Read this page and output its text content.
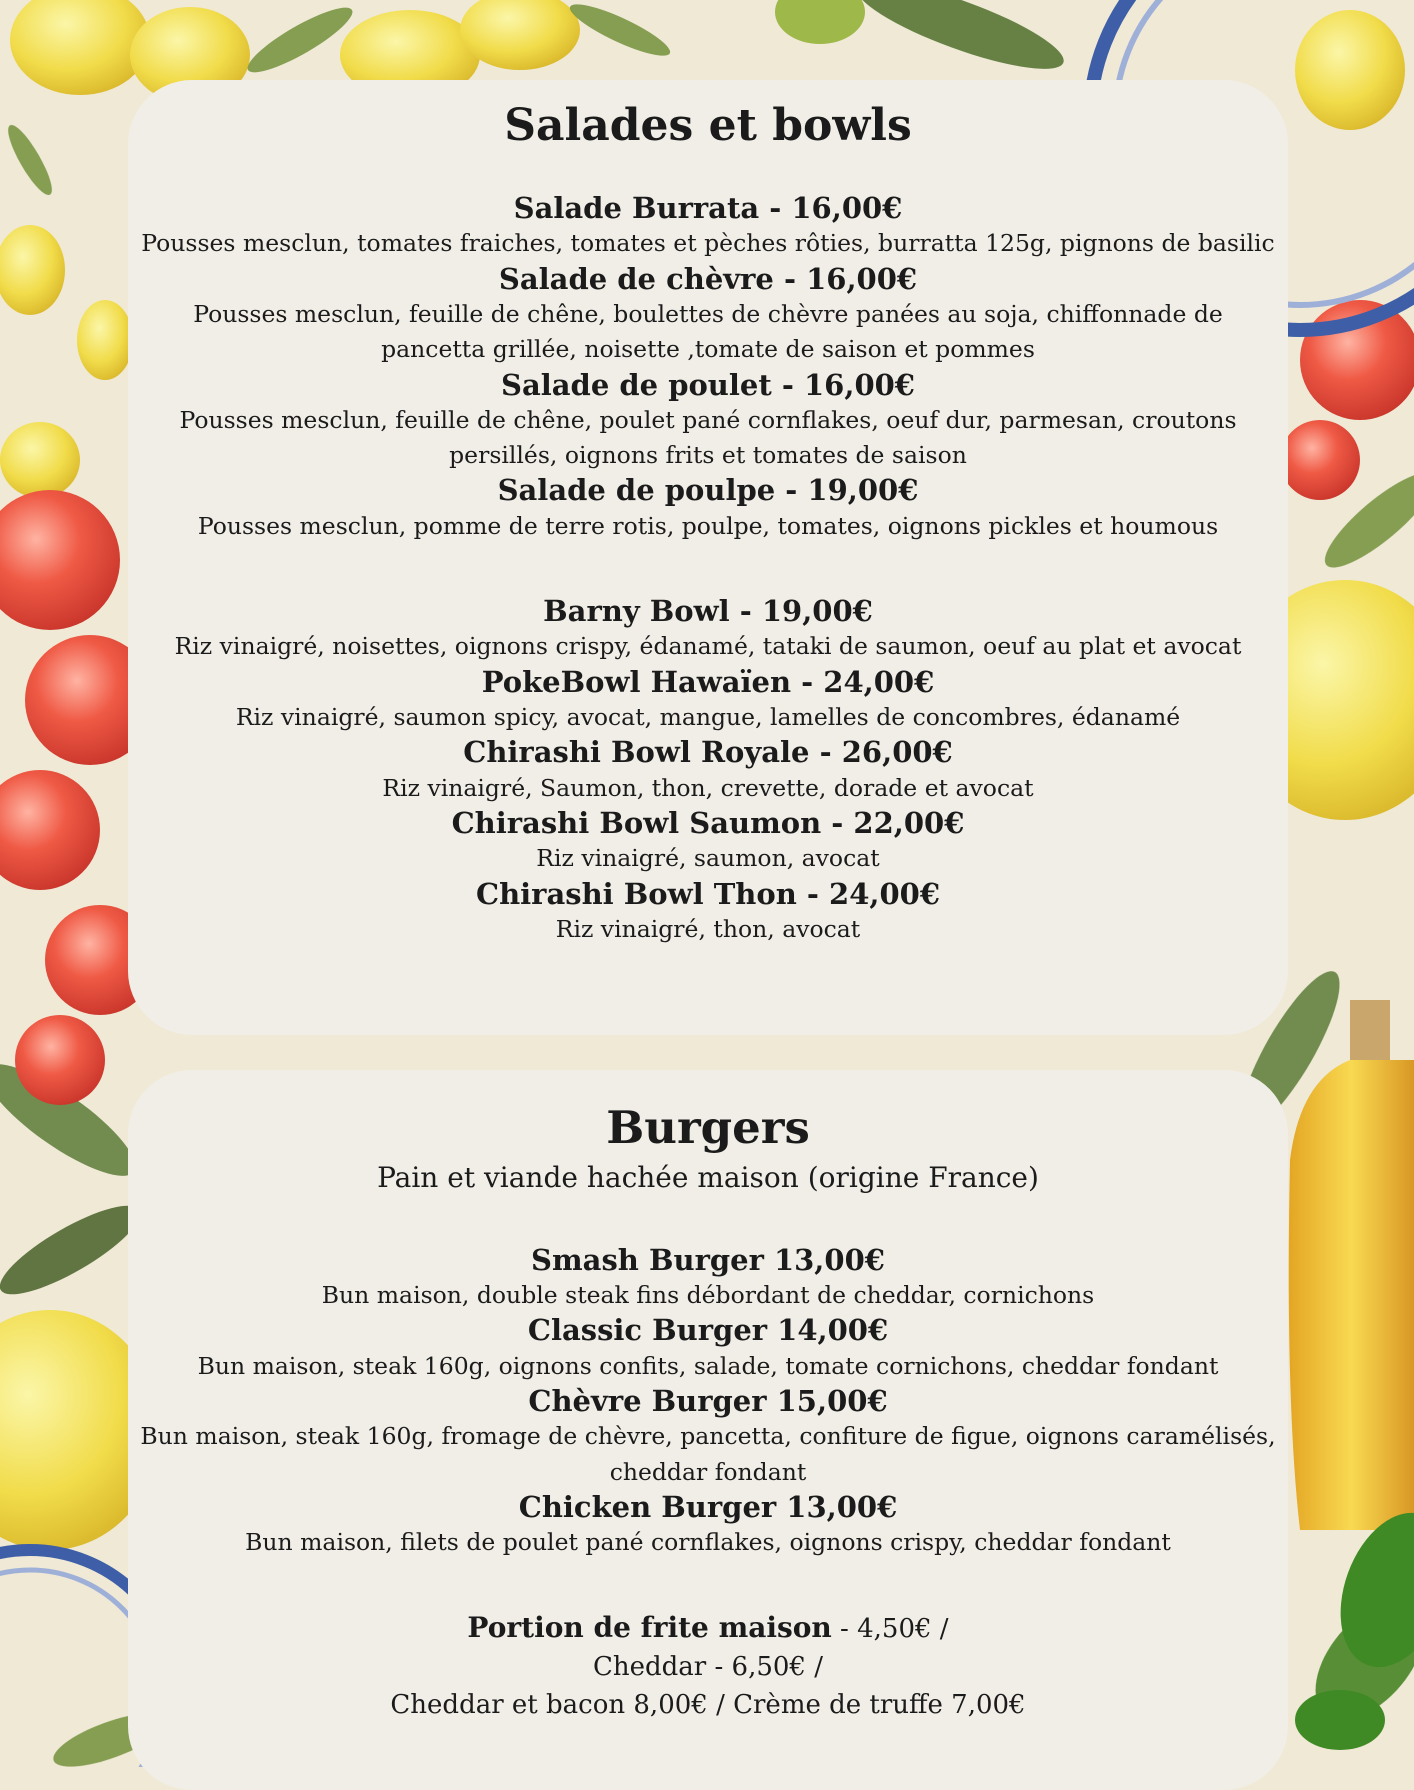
Salades et bowls
Salade Burrata - 16,00€
Pousses mesclun, tomates fraiches, tomates et pèches rôties, burratta 125g, pignons de basilic
Salade de chèvre - 16,00€
Pousses mesclun, feuille de chêne, boulettes de chèvre panées au soja, chiffonnade de pancetta grillée, noisette ,tomate de saison et pommes
Salade de poulet - 16,00€
Pousses mesclun, feuille de chêne, poulet pané cornflakes, oeuf dur, parmesan, croutons persillés, oignons frits et tomates de saison
Salade de poulpe - 19,00€
Pousses mesclun, pomme de terre rotis, poulpe, tomates, oignons pickles et houmous
Barny Bowl - 19,00€
Riz vinaigré, noisettes, oignons crispy, édanamé, tataki de saumon, oeuf au plat et avocat
PokeBowl Hawaïen - 24,00€
Riz vinaigré, saumon spicy, avocat, mangue, lamelles de concombres, édanamé
Chirashi Bowl Royale - 26,00€
Riz vinaigré, Saumon, thon, crevette, dorade et avocat
Chirashi Bowl Saumon - 22,00€
Riz vinaigré, saumon, avocat
Chirashi Bowl Thon - 24,00€
Riz vinaigré, thon, avocat
Burgers

Pain et viande hachée maison (origine France)

Smash Burger 13,00€
Bun maison, double steak fins débordant de cheddar, cornichons
Classic Burger 14,00€
Bun maison, steak 160g, oignons confits, salade, tomate cornichons, cheddar fondant
Chèvre Burger 15,00€
Bun maison, steak 160g, fromage de chèvre, pancetta, confiture de figue, oignons caramélisés, cheddar fondant
Chicken Burger 13,00€
Bun maison, filets de poulet pané cornflakes, oignons crispy, cheddar fondant
Portion de frite maison - 4,50€ /
Cheddar - 6,50€ /
Cheddar et bacon 8,00€ / Crème de truffe 7,00€
